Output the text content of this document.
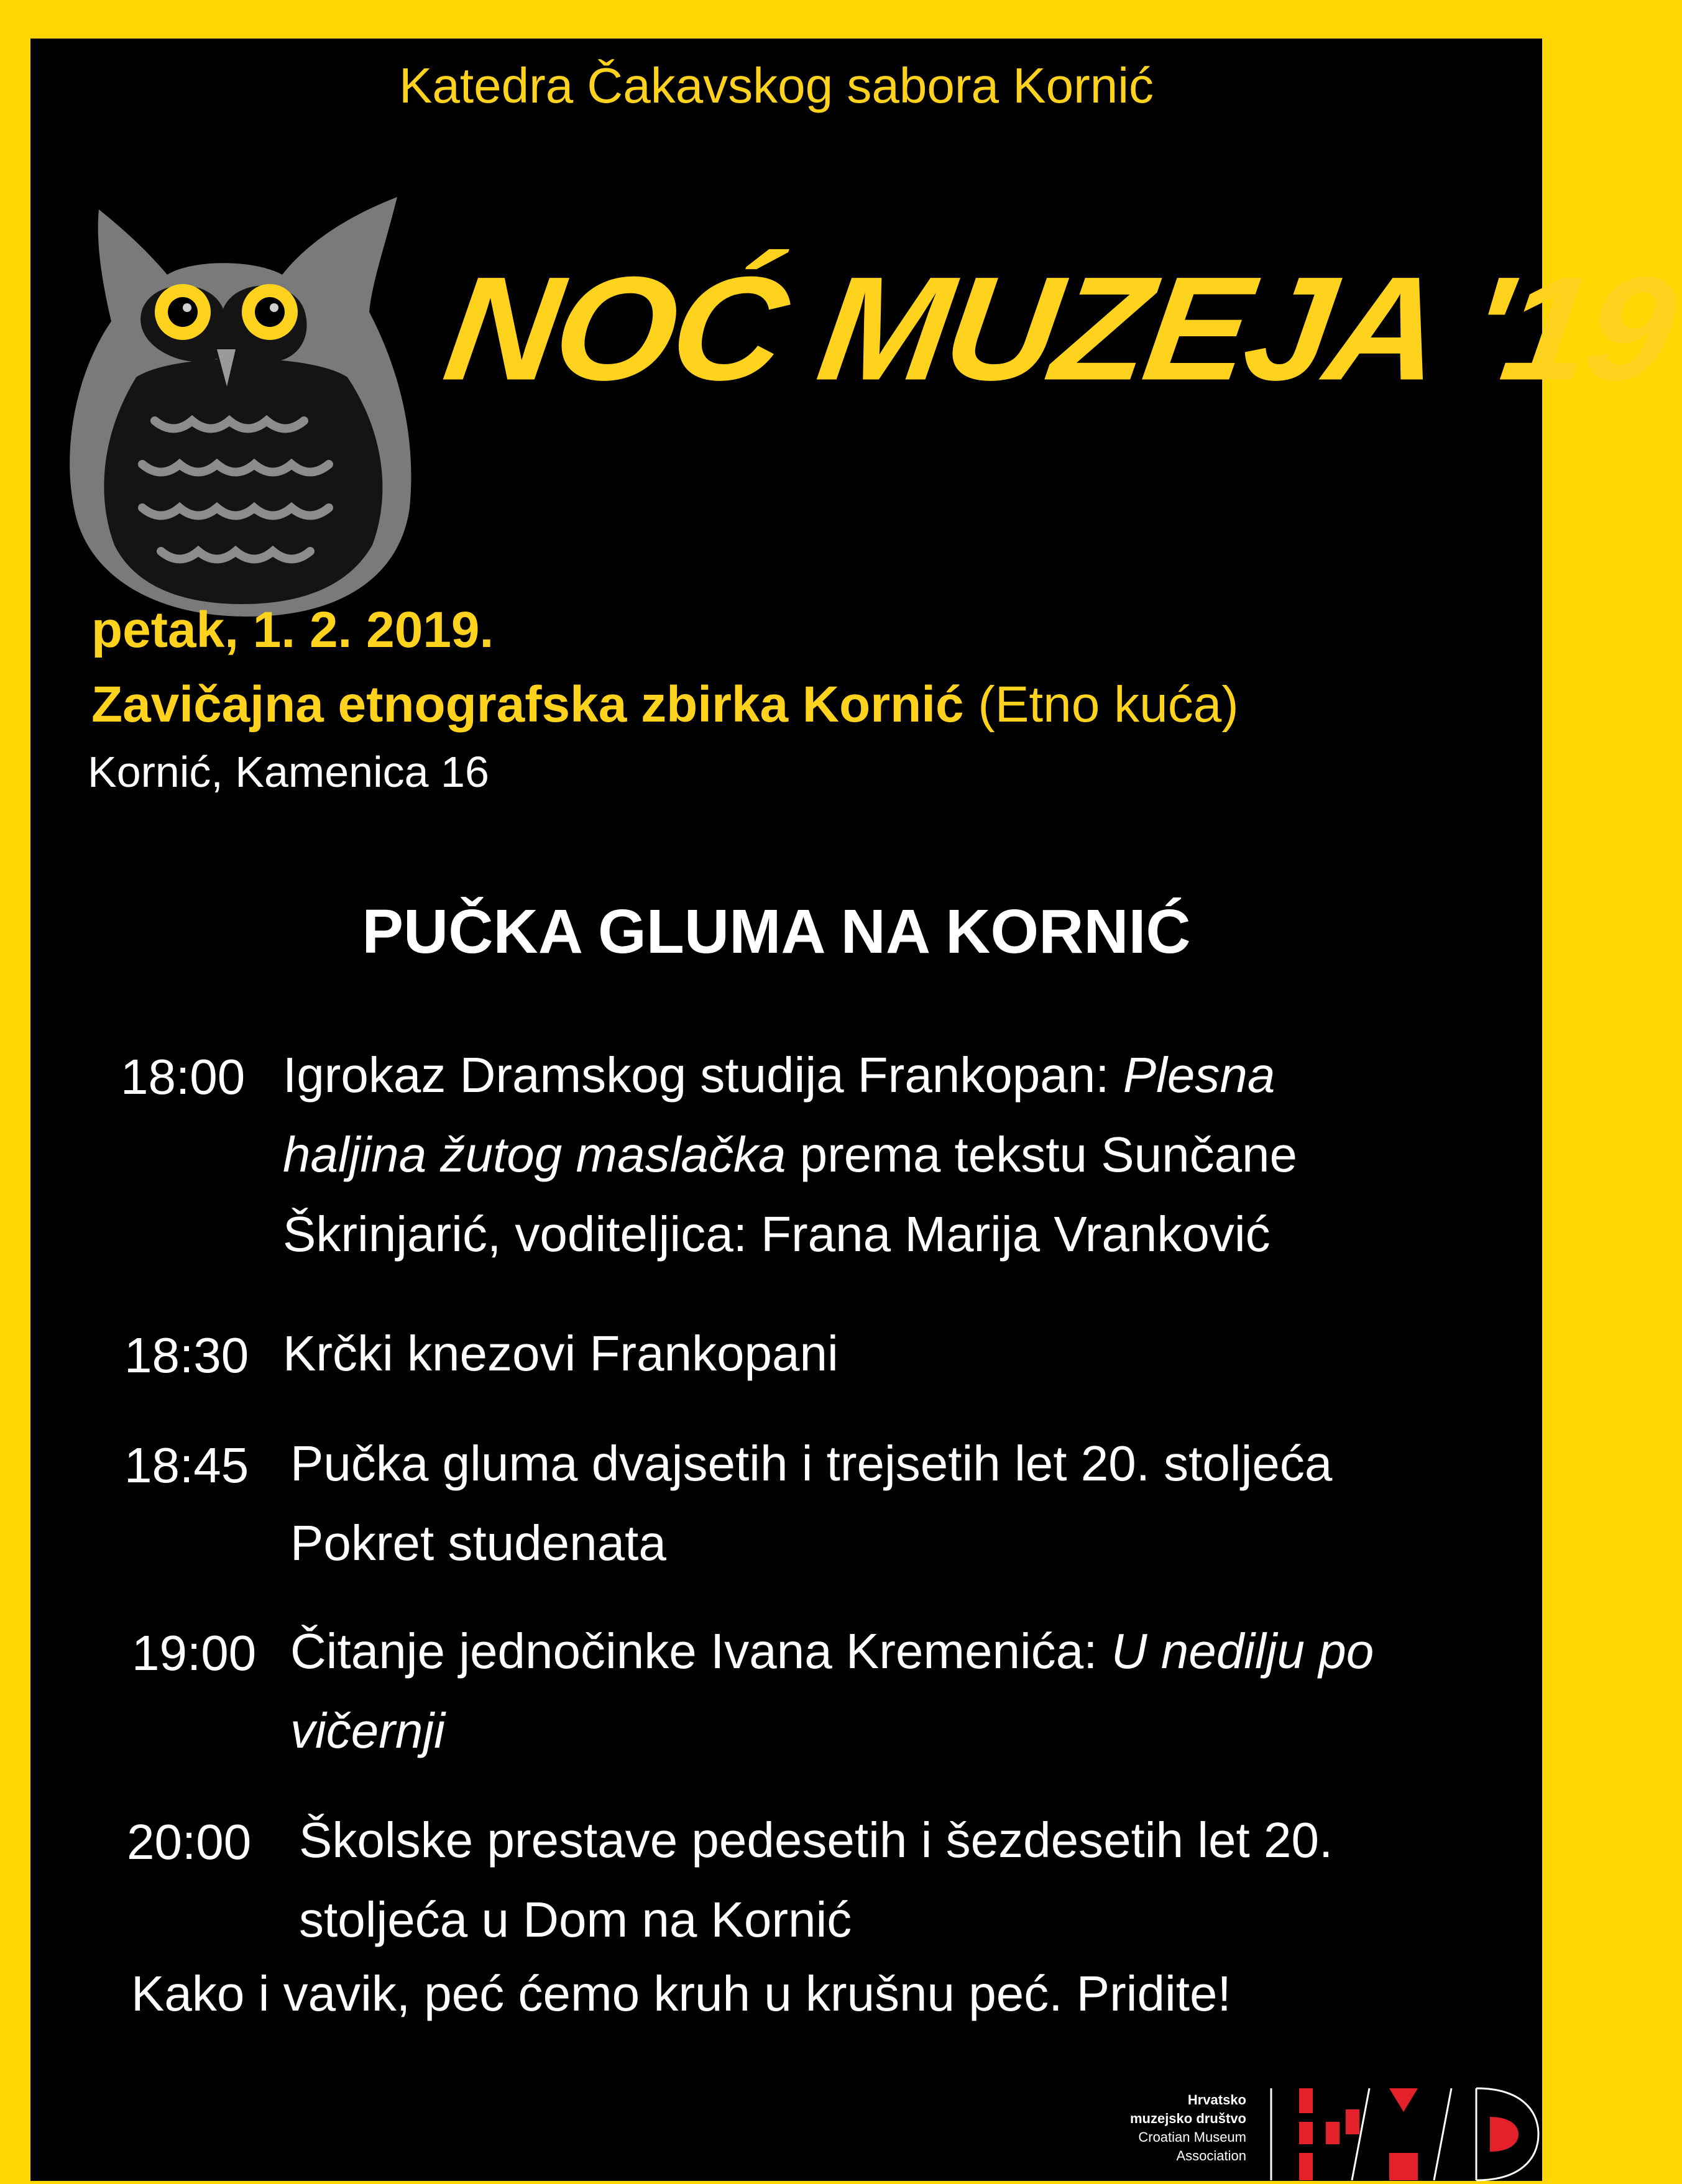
Katedra Čakavskog sabora Kornić
NOĆ MUZEJA '19
petak, 1. 2. 2019.
Zavičajna etnografska zbirka Kornić (Etno kuća)
Kornić, Kamenica 16
PUČKA GLUMA NA KORNIĆ
18:00 Igrokaz Dramskog studija Frankopan: Plesna
haljina žutog maslačka prema tekstu Sunčane
Škrinjarić, voditeljica: Frana Marija Vranković
18:30 Krčki knezovi Frankopani
18:45 Pučka gluma dvajsetih i trejsetih let 20. stoljeća
Pokret studenata
19:00 Čitanje jednočinke Ivana Kremenića: U nedilju po
vičernji
20:00 Školske prestave pedesetih i šezdesetih let 20.
stoljeća u Dom na Kornić
Kako i vavik, peć ćemo kruh u krušnu peć. Pridite!
Hrvatsko
muzejsko društvo
Croatian Museum
Association
